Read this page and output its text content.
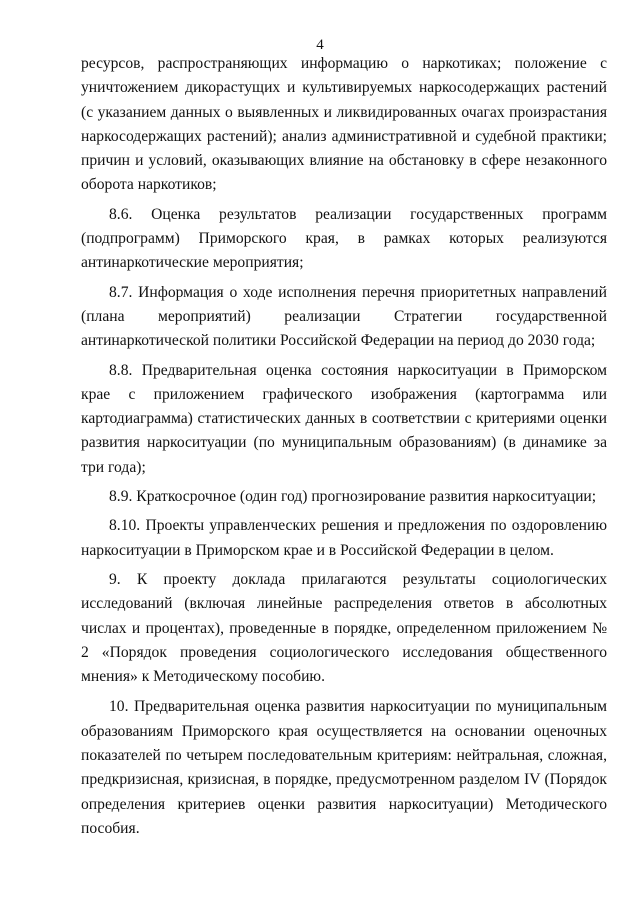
4

ресурсов, распространяющих информацию о наркотиках; положение с уничтожением дикорастущих и культивируемых наркосодержащих растений (с указанием данных о выявленных и ликвидированных очагах произрастания наркосодержащих растений); анализ административной и судебной практики; причин и условий, оказывающих влияние на обстановку в сфере незаконного оборота наркотиков;

8.6. Оценка результатов реализации государственных программ (подпрограмм) Приморского края, в рамках которых реализуются антинаркотические мероприятия;

8.7. Информация о ходе исполнения перечня приоритетных направлений (плана мероприятий) реализации Стратегии государственной антинаркотической политики Российской Федерации на период до 2030 года;

8.8. Предварительная оценка состояния наркоситуации в Приморском крае с приложением графического изображения (картограмма или картодиаграмма) статистических данных в соответствии с критериями оценки развития наркоситуации (по муниципальным образованиям) (в динамике за три года);

8.9. Краткосрочное (один год) прогнозирование развития наркоситуации;

8.10. Проекты управленческих решения и предложения по оздоровлению наркоситуации в Приморском крае и в Российской Федерации в целом.

9. К проекту доклада прилагаются результаты социологических исследований (включая линейные распределения ответов в абсолютных числах и процентах), проведенные в порядке, определенном приложением № 2 «Порядок проведения социологического исследования общественного мнения» к Методическому пособию.

10. Предварительная оценка развития наркоситуации по муниципальным образованиям Приморского края осуществляется на основании оценочных показателей по четырем последовательным критериям: нейтральная, сложная, предкризисная, кризисная, в порядке, предусмотренном разделом IV (Порядок определения критериев оценки развития наркоситуации) Методического пособия.
